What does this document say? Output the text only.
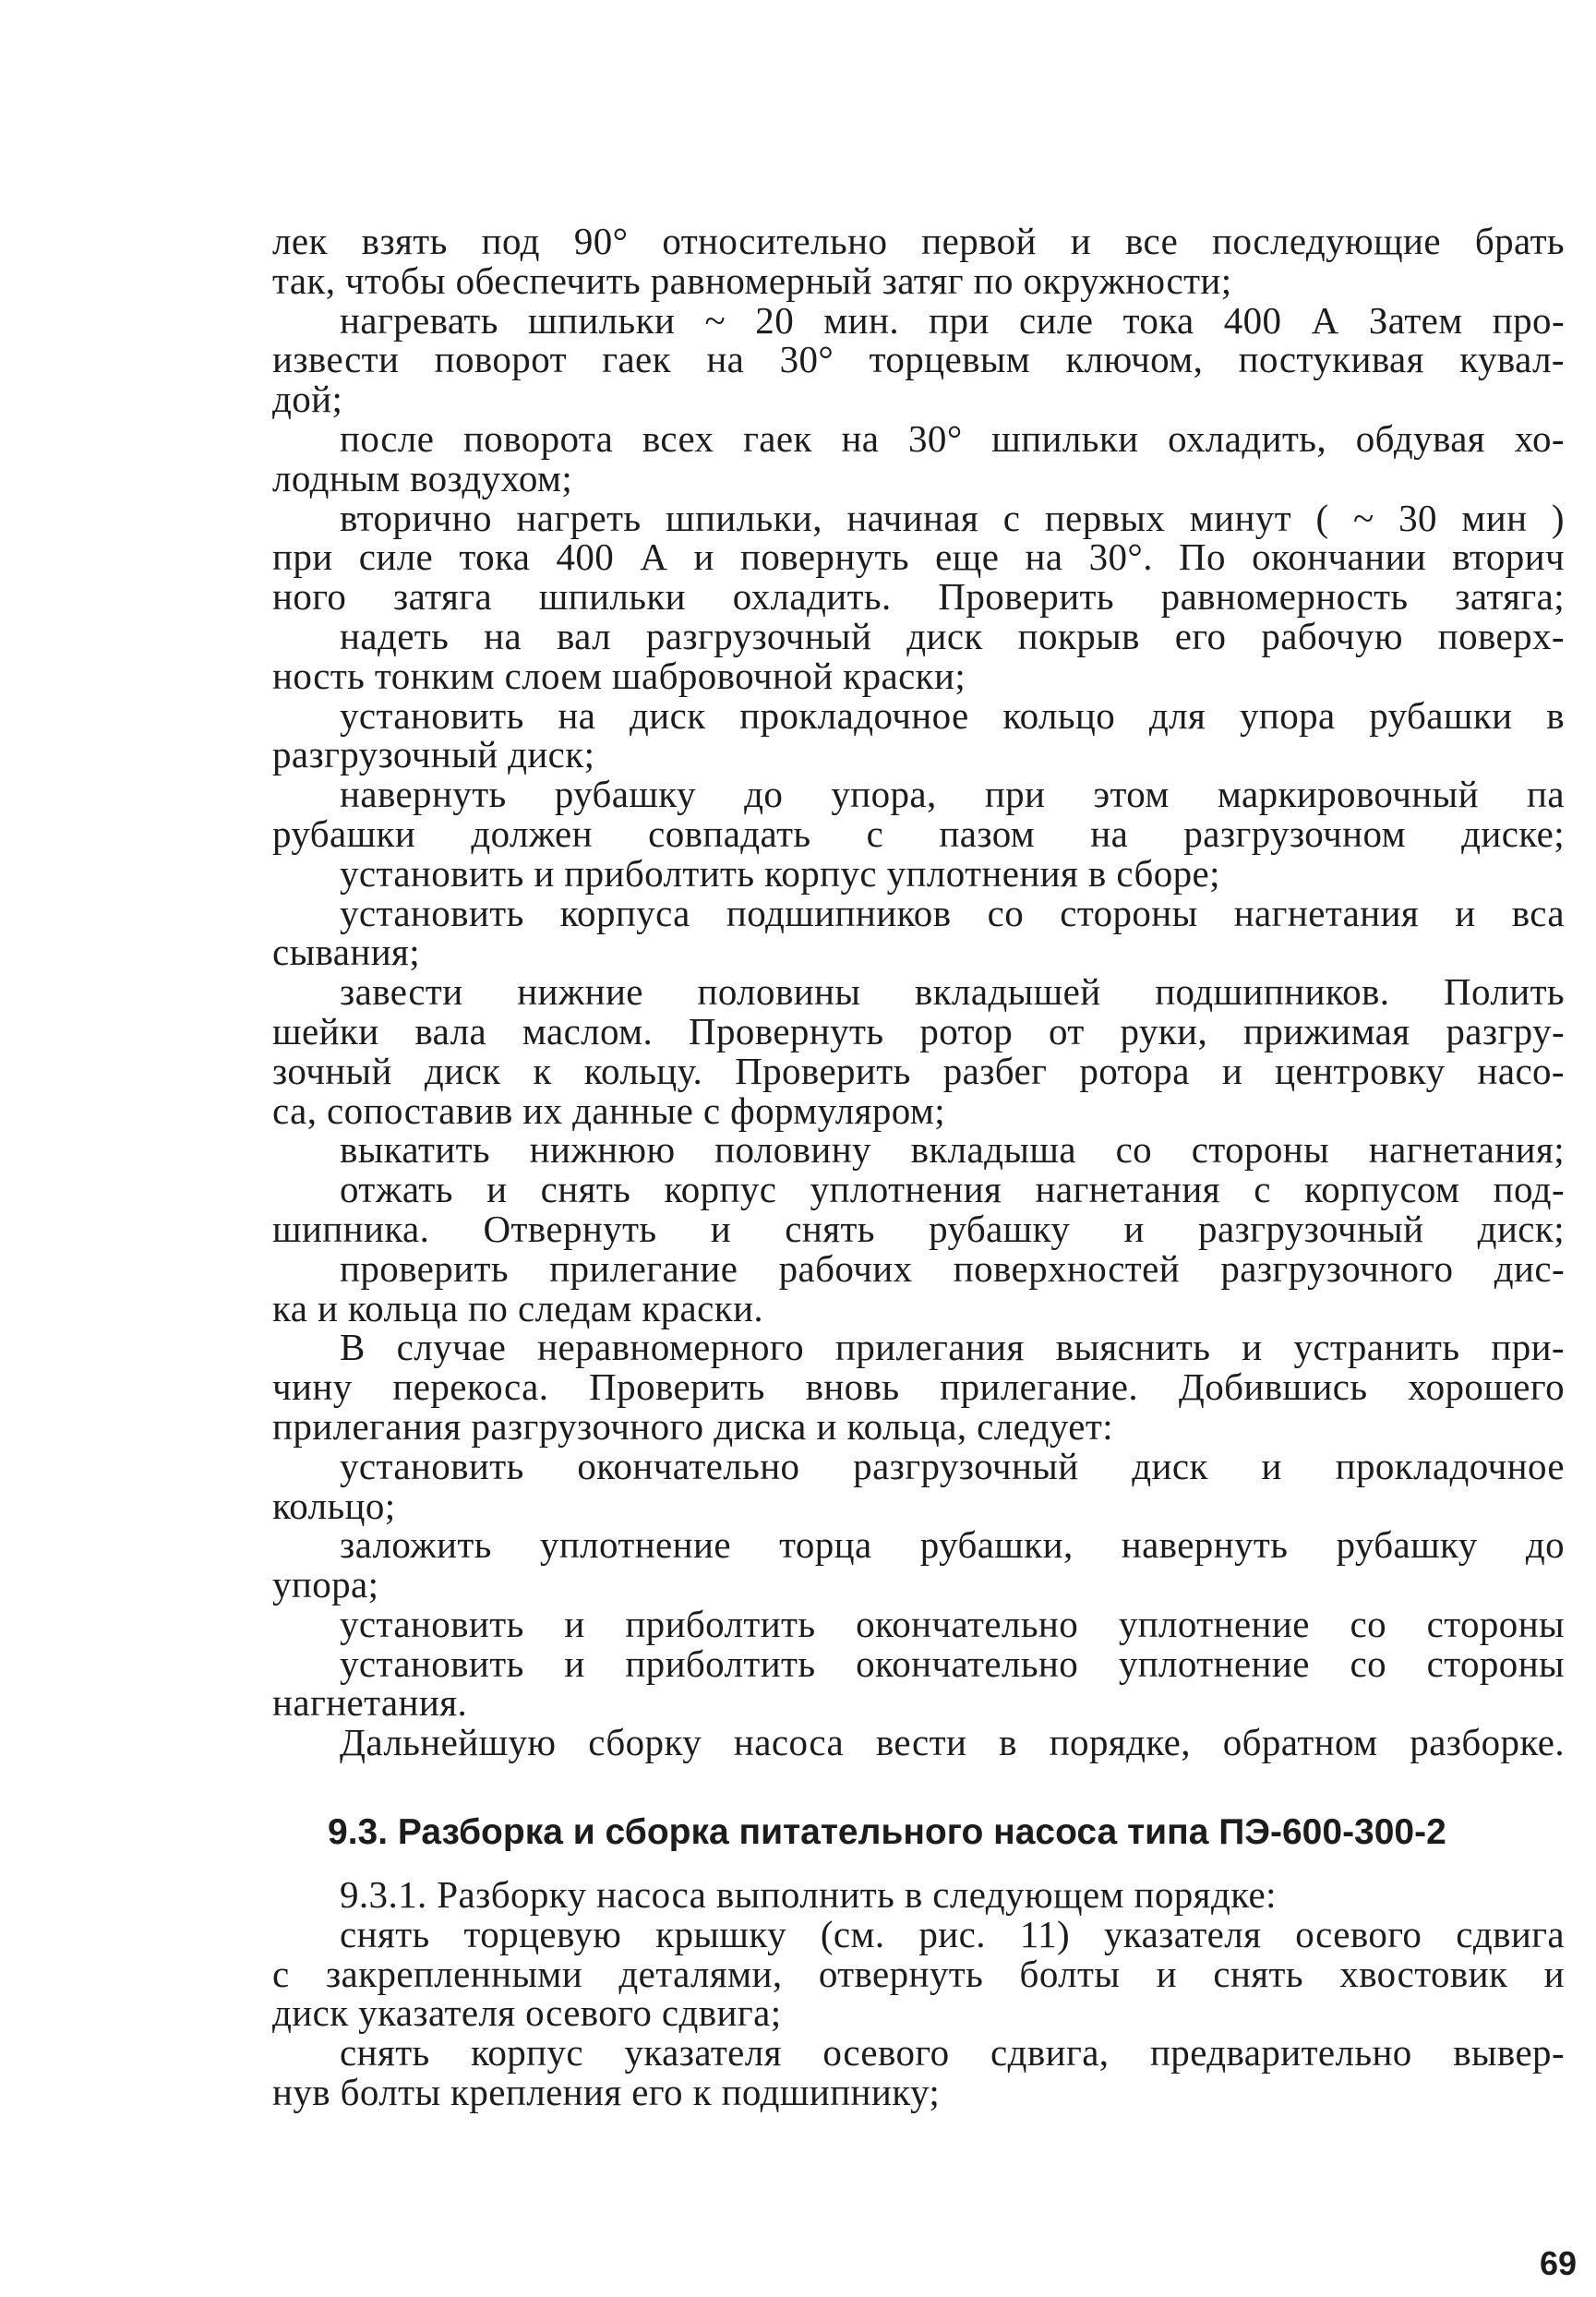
лек взять под 90° относительно первой и все последующие брать
так, чтобы обеспечить равномерный затяг по окружности;
нагревать шпильки ~ 20 мин. при силе тока 400 А Затем про-
извести поворот гаек на 30° торцевым ключом, постукивая кувал-
дой;
после поворота всех гаек на 30° шпильки охладить, обдувая хо-
лодным воздухом;
вторично нагреть шпильки, начиная с первых минут ( ~ 30 мин )
при силе тока 400 А и повернуть еще на 30°. По окончании вторич
ного затяга шпильки охладить. Проверить равномерность затяга;
надеть на вал разгрузочный диск покрыв его рабочую поверх-
ность тонким слоем шабровочной краски;
установить на диск прокладочное кольцо для упора рубашки в
разгрузочный диск;
навернуть рубашку до упора, при этом маркировочный па
рубашки должен совпадать с пазом на разгрузочном диске;
установить и приболтить корпус уплотнения в сборе;
установить корпуса подшипников со стороны нагнетания и вса
сывания;
завести нижние половины вкладышей подшипников. Полить
шейки вала маслом. Провернуть ротор от руки, прижимая разгру-
зочный диск к кольцу. Проверить разбег ротора и центровку насо-
са, сопоставив их данные с формуляром;
выкатить нижнюю половину вкладыша со стороны нагнетания;
отжать и снять корпус уплотнения нагнетания с корпусом под-
шипника. Отвернуть и снять рубашку и разгрузочный диск;
проверить прилегание рабочих поверхностей разгрузочного дис-
ка и кольца по следам краски.
В случае неравномерного прилегания выяснить и устранить при-
чину перекоса. Проверить вновь прилегание. Добившись хорошего
прилегания разгрузочного диска и кольца, следует:
установить окончательно разгрузочный диск и прокладочное
кольцо;
заложить уплотнение торца рубашки, навернуть рубашку до
упора;
установить и приболтить окончательно уплотнение со стороны
установить и приболтить окончательно уплотнение со стороны
нагнетания.
Дальнейшую сборку насоса вести в порядке, обратном разборке.
9.3. Разборка и сборка питательного насоса типа ПЭ-600-300-2
9.3.1. Разборку насоса выполнить в следующем порядке:
снять торцевую крышку (см. рис. 11) указателя осевого сдвига
с закрепленными деталями, отвернуть болты и снять хвостовик и
диск указателя осевого сдвига;
снять корпус указателя осевого сдвига, предварительно вывер-
нув болты крепления его к подшипнику;
69
